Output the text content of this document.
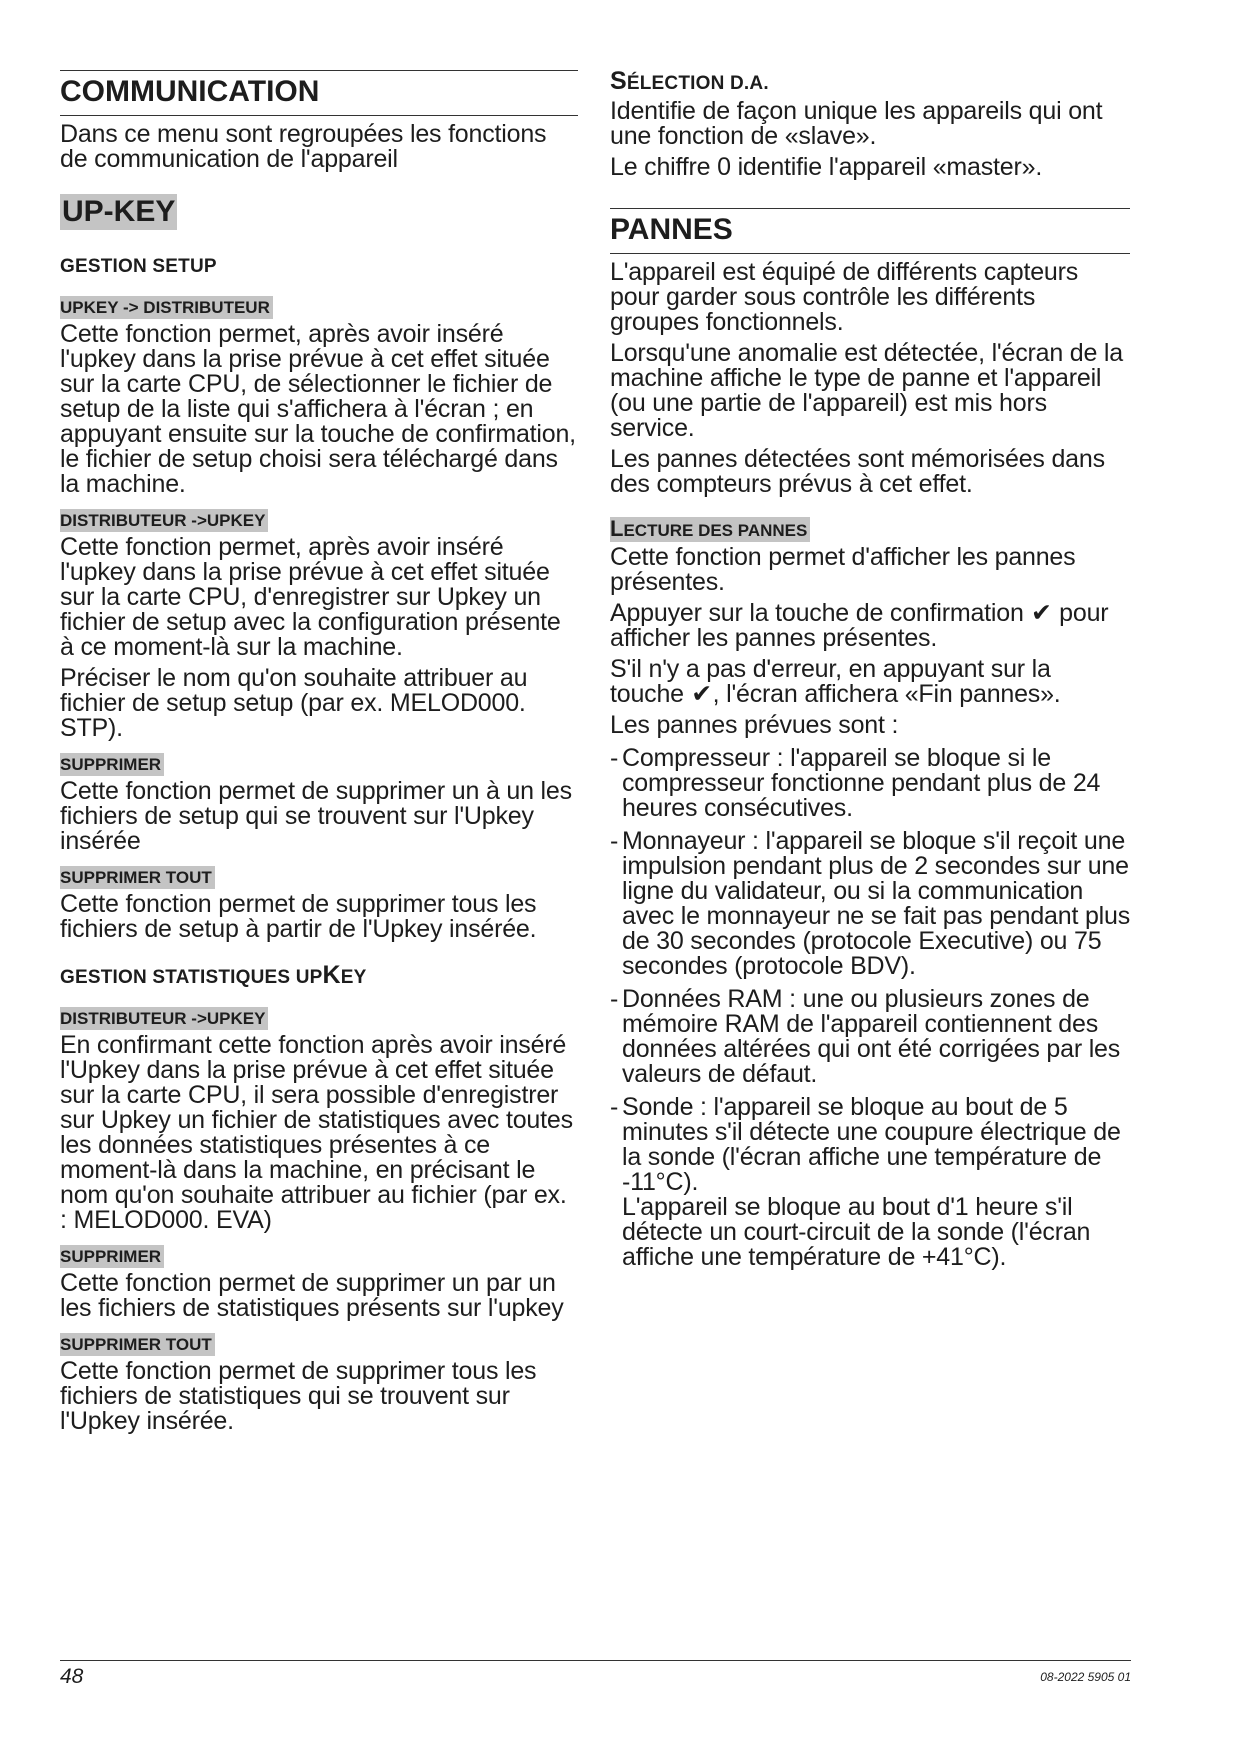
COMMUNICATION

Dans ce menu sont regroupées les fonctions de communication de l'appareil

UP-KEY
GESTION SETUP
UPKEY -> DISTRIBUTEUR

Cette fonction permet, après avoir inséré l'upkey dans la prise prévue à cet effet située sur la carte CPU, de sélectionner le fichier de setup de la liste qui s'affichera à l'écran ; en appuyant ensuite sur la touche de confirmation, le fichier de setup choisi sera téléchargé dans la machine.

DISTRIBUTEUR ->UPKEY

Cette fonction permet, après avoir inséré l'upkey dans la prise prévue à cet effet située sur la carte CPU, d'enregistrer sur Upkey un fichier de setup avec la configuration présente à ce moment-là sur la machine.

Préciser le nom qu'on souhaite attribuer au fichier de setup setup (par ex. MELOD000. STP).

SUPPRIMER

Cette fonction permet de supprimer un à un les fichiers de setup qui se trouvent sur l'Upkey insérée

SUPPRIMER TOUT

Cette fonction permet de supprimer tous les fichiers de setup à partir de l'Upkey insérée.

GESTION STATISTIQUES UPKEY
DISTRIBUTEUR ->UPKEY

En confirmant cette fonction après avoir inséré l'Upkey dans la prise prévue à cet effet située sur la carte CPU, il sera possible d'enregistrer sur Upkey un fichier de statistiques avec toutes les données statistiques présentes à ce moment-là dans la machine, en précisant le nom qu'on souhaite attribuer au fichier (par ex. : MELOD000. EVA)

SUPPRIMER

Cette fonction permet de supprimer un par un les fichiers de statistiques présents sur l'upkey

SUPPRIMER TOUT

Cette fonction permet de supprimer tous les fichiers de statistiques qui se trouvent sur l'Upkey insérée.

SÉLECTION D.A.

Identifie de façon unique les appareils qui ont une fonction de «slave».

Le chiffre 0 identifie l'appareil «master».

PANNES

L'appareil est équipé de différents capteurs pour garder sous contrôle les différents groupes fonctionnels.

Lorsqu'une anomalie est détectée, l'écran de la machine affiche le type de panne et l'appareil (ou une partie de l'appareil) est mis hors service.

Les pannes détectées sont mémorisées dans des compteurs prévus à cet effet.

LECTURE DES PANNES

Cette fonction permet d'afficher les pannes présentes.

Appuyer sur la touche de confirmation ✔ pour afficher les pannes présentes.

S'il n'y a pas d'erreur, en appuyant sur la touche ✔, l'écran affichera «Fin pannes».

Les pannes prévues sont :

- Compresseur : l'appareil se bloque si le compresseur fonctionne pendant plus de 24 heures consécutives.
- Monnayeur : l'appareil se bloque s'il reçoit une impulsion pendant plus de 2 secondes sur une ligne du validateur, ou si la communication avec le monnayeur ne se fait pas pendant plus de 30 secondes (protocole Executive) ou 75 secondes (protocole BDV).
- Données RAM : une ou plusieurs zones de mémoire RAM de l'appareil contiennent des données altérées qui ont été corrigées par les valeurs de défaut.
- Sonde : l'appareil se bloque au bout de 5 minutes s'il détecte une coupure électrique de la sonde (l'écran affiche une température de -11°C).
L'appareil se bloque au bout d'1 heure s'il détecte un court-circuit de la sonde (l'écran affiche une température de +41°C).
48	08-2022 5905 01
